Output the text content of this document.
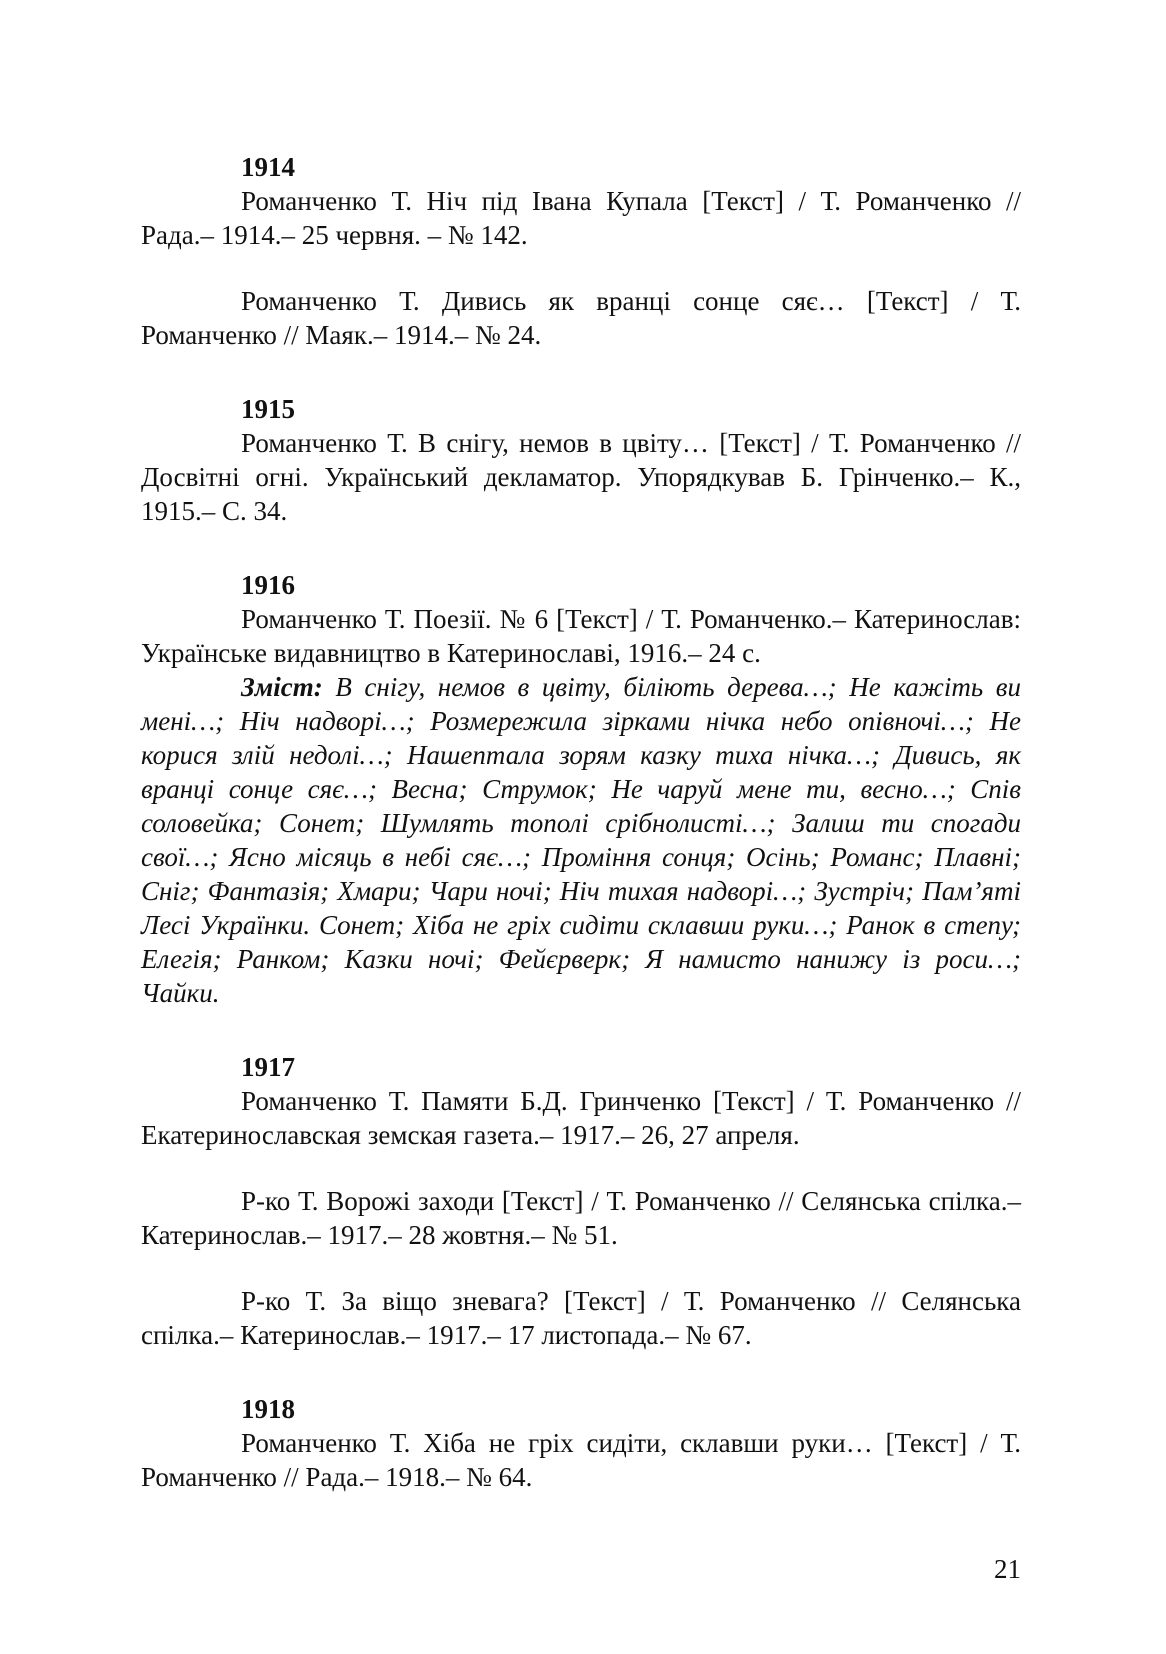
1914

Романченко Т. Ніч під Івана Купала [Текст] / Т. Романченко // Рада.– 1914.– 25 червня. – № 142.

Романченко Т. Дивись як вранці сонце сяє… [Текст] / Т. Романченко // Маяк.– 1914.– № 24.

1915

Романченко Т. В снігу, немов в цвіту… [Текст] / Т. Романченко // Досвітні огні. Український декламатор. Упорядкував Б. Грінченко.– К., 1915.– С. 34.

1916

Романченко Т. Поезії. № 6 [Текст] / Т. Романченко.– Катеринослав: Українське видавництво в Катеринославі, 1916.– 24 с.

Зміст: В снігу, немов в цвіту, біліють дерева…; Не кажіть ви мені…; Ніч надворі…; Розмережила зірками нічка небо опівночі…; Не корися злій недолі…; Нашептала зорям казку тиха нічка…; Дивись, як вранці сонце сяє…; Весна; Струмок; Не чаруй мене ти, весно…; Спів соловейка; Сонет; Шумлять тополі срібнолисті…; Залиш ти спогади свої…; Ясно місяць в небі сяє…; Проміння сонця; Осінь; Романс; Плавні; Сніг; Фантазія; Хмари; Чари ночі; Ніч тихая надворі…; Зустріч; Пам’яті Лесі Українки. Сонет; Хіба не гріх сидіти склавши руки…; Ранок в степу; Елегія; Ранком; Казки ночі; Фейєрверк; Я намисто нанижу із роси…; Чайки.

1917

Романченко Т. Памяти Б.Д. Гринченко [Текст] / Т. Романченко // Екатеринославская земская газета.– 1917.– 26, 27 апреля.

Р-ко Т. Ворожі заходи [Текст] / Т. Романченко // Селянська спілка.– Катеринослав.– 1917.– 28 жовтня.– № 51.

Р-ко Т. За віщо зневага? [Текст] / Т. Романченко // Селянська спілка.– Катеринослав.– 1917.– 17 листопада.– № 67.

1918

Романченко Т. Хіба не гріх сидіти, склавши руки… [Текст] / Т. Романченко // Рада.– 1918.– № 64.

21
